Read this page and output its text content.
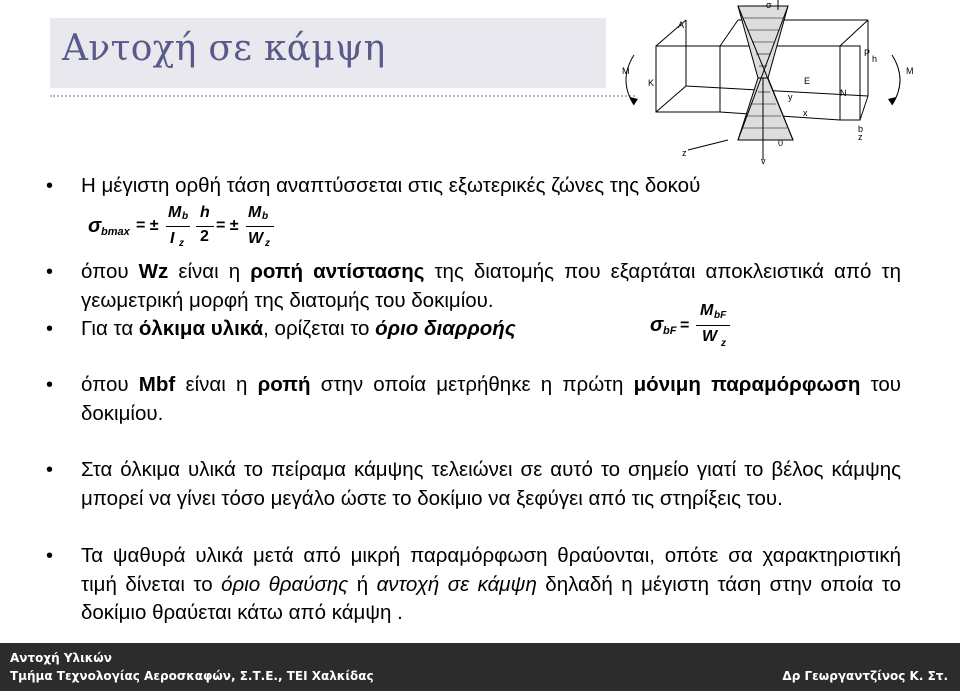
Αντοχή σε κάμψη
M	M
K
y
x
v
z
z
h
b
A
N
P
Ε
0
σ
• Η μέγιστη ορθή τάση αναπτύσσεται στις εξωτερικές ζώνες της δοκού
σ bmax = ±
M b
I z
h
2
= ±
M b
W z
• όπου Wz είναι η ροπή αντίστασης της διατομής που εξαρτάται αποκλειστικά από τη γεωμετρική μορφή της διατομής του δοκιμίου.
• Για τα όλκιμα υλικά, ορίζεται το όριο διαρροής	σ bF =
M bF
W z
• όπου Mbf είναι η ροπή στην οποία μετρήθηκε η πρώτη μόνιμη παραμόρφωση του δοκιμίου.
• Στα όλκιμα υλικά το πείραμα κάμψης τελειώνει σε αυτό το σημείο γιατί το βέλος κάμψης μπορεί να γίνει τόσο μεγάλο ώστε το δοκίμιο να ξεφύγει από τις στηρίξεις του.
• Τα ψαθυρά υλικά μετά από μικρή παραμόρφωση θραύονται, οπότε σα χαρακτηριστική τιμή δίνεται το όριο θραύσης ή αντοχή σε κάμψη δηλαδή η μέγιστη τάση στην οποία το δοκίμιο θραύεται κάτω από κάμψη .
Αντοχή Υλικών
Τμήμα Τεχνολογίας Αεροσκαφών, Σ.Τ.Ε., ΤΕΙ Χαλκίδας	Δρ Γεωργαντζίνος Κ. Στ.
